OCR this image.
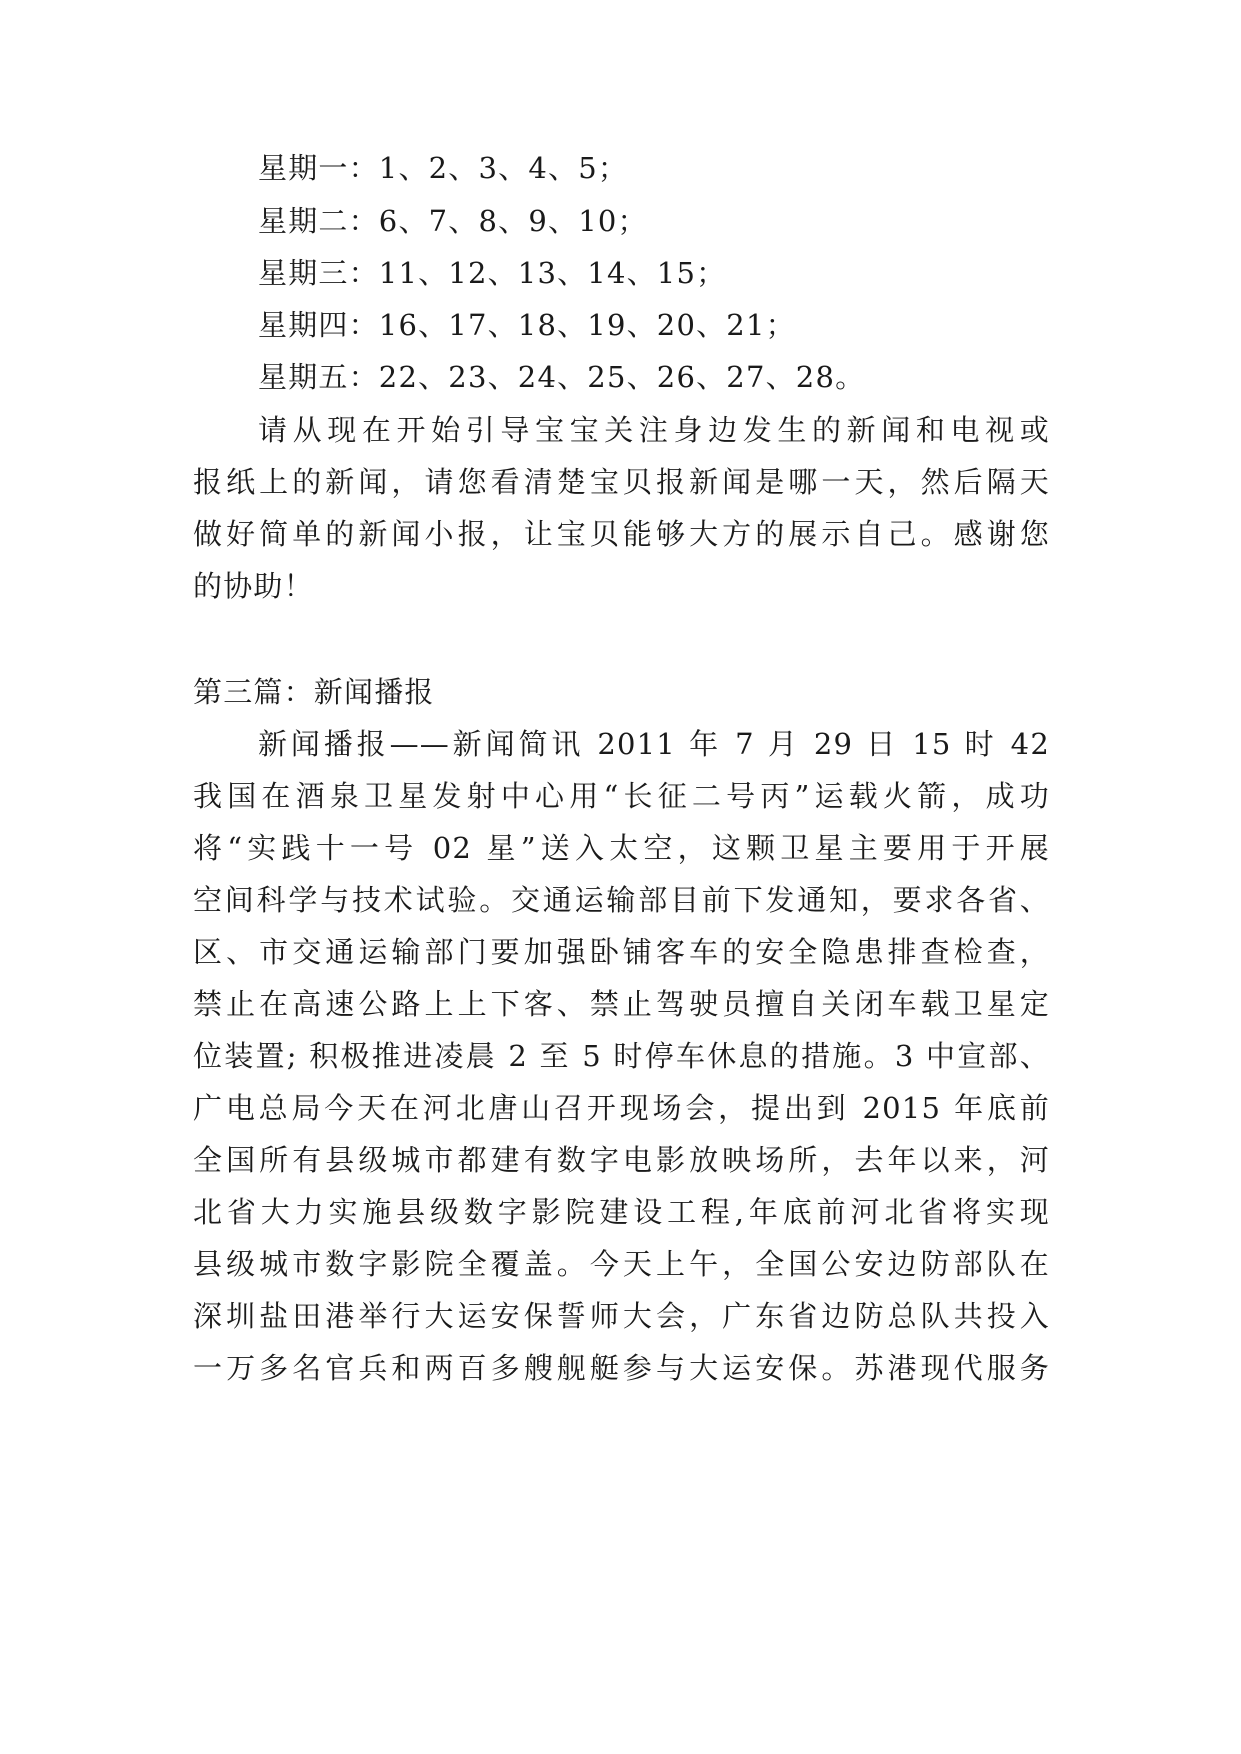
星期一：1、2、3、4、5；
星期二：6、7、8、9、10；
星期三：11、12、13、14、15；
星期四：16、17、18、19、20、21；
星期五：22、23、24、25、26、27、28。
请从现在开始引导宝宝关注身边发生的新闻和电视或
报纸上的新闻，请您看清楚宝贝报新闻是哪一天，然后隔天
做好简单的新闻小报，让宝贝能够大方的展示自己。感谢您
的协助！
第三篇：新闻播报
新闻播报——新闻简讯 2011 年 7 月 29 日 15 时 42
我国在酒泉卫星发射中心用“长征二号丙”运载火箭，成功
将“实践十一号 02 星”送入太空，这颗卫星主要用于开展
空间科学与技术试验。交通运输部目前下发通知，要求各省、
区、市交通运输部门要加强卧铺客车的安全隐患排查检查，
禁止在高速公路上上下客、禁止驾驶员擅自关闭车载卫星定
位装置; 积极推进凌晨 2 至 5 时停车休息的措施。3 中宣部、
广电总局今天在河北唐山召开现场会，提出到 2015 年底前
全国所有县级城市都建有数字电影放映场所，去年以来，河
北省大力实施县级数字影院建设工程,年底前河北省将实现
县级城市数字影院全覆盖。今天上午，全国公安边防部队在
深圳盐田港举行大运安保誓师大会，广东省边防总队共投入
一万多名官兵和两百多艘舰艇参与大运安保。苏港现代服务
